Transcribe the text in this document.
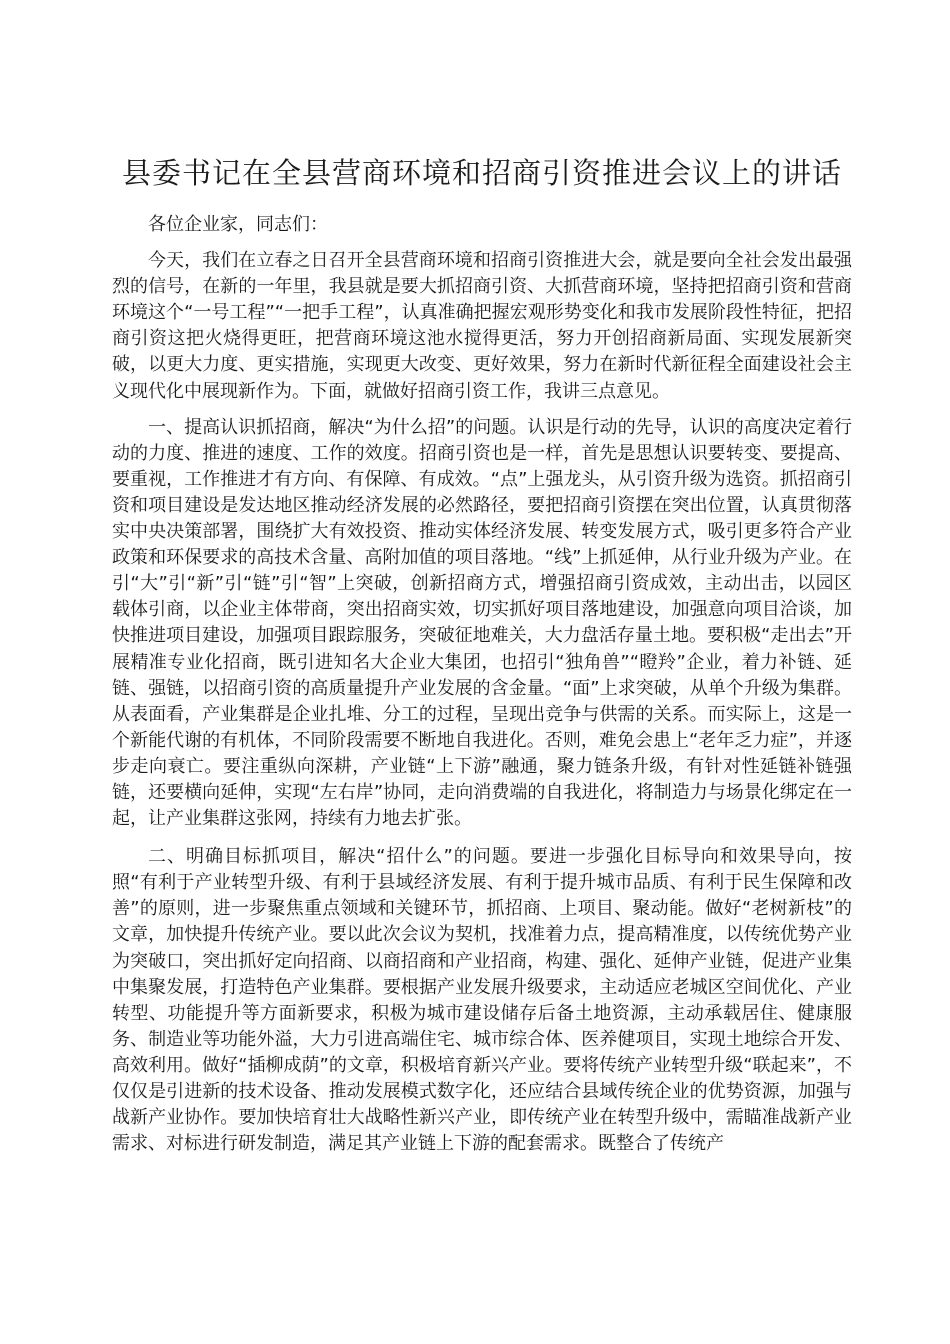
县委书记在全县营商环境和招商引资推进会议上的讲话

各位企业家，同志们：

今天，我们在立春之日召开全县营商环境和招商引资推进大会，就是要向全社会发出最强烈的信号，在新的一年里，我县就是要大抓招商引资、大抓营商环境，坚持把招商引资和营商环境这个“一号工程”“一把手工程”，认真准确把握宏观形势变化和我市发展阶段性特征，把招商引资这把火烧得更旺，把营商环境这池水搅得更活，努力开创招商新局面、实现发展新突破，以更大力度、更实措施，实现更大改变、更好效果，努力在新时代新征程全面建设社会主义现代化中展现新作为。下面，就做好招商引资工作，我讲三点意见。

一、提高认识抓招商，解决“为什么招”的问题。认识是行动的先导，认识的高度决定着行动的力度、推进的速度、工作的效度。招商引资也是一样，首先是思想认识要转变、要提高、要重视，工作推进才有方向、有保障、有成效。“点”上强龙头，从引资升级为选资。抓招商引资和项目建设是发达地区推动经济发展的必然路径，要把招商引资摆在突出位置，认真贯彻落实中央决策部署，围绕扩大有效投资、推动实体经济发展、转变发展方式，吸引更多符合产业政策和环保要求的高技术含量、高附加值的项目落地。“线”上抓延伸，从行业升级为产业。在引“大”引“新”引“链”引“智”上突破，创新招商方式，增强招商引资成效，主动出击，以园区载体引商，以企业主体带商，突出招商实效，切实抓好项目落地建设，加强意向项目洽谈，加快推进项目建设，加强项目跟踪服务，突破征地难关，大力盘活存量土地。要积极“走出去”开展精准专业化招商，既引进知名大企业大集团，也招引“独角兽”“瞪羚”企业，着力补链、延链、强链，以招商引资的高质量提升产业发展的含金量。“面”上求突破，从单个升级为集群。从表面看，产业集群是企业扎堆、分工的过程，呈现出竞争与供需的关系。而实际上，这是一个新能代谢的有机体，不同阶段需要不断地自我进化。否则，难免会患上“老年乏力症”，并逐步走向衰亡。要注重纵向深耕，产业链“上下游”融通，聚力链条升级，有针对性延链补链强链，还要横向延伸，实现“左右岸”协同，走向消费端的自我进化，将制造力与场景化绑定在一起，让产业集群这张网，持续有力地去扩张。

二、明确目标抓项目，解决“招什么”的问题。要进一步强化目标导向和效果导向，按照“有利于产业转型升级、有利于县域经济发展、有利于提升城市品质、有利于民生保障和改善”的原则，进一步聚焦重点领域和关键环节，抓招商、上项目、聚动能。做好“老树新枝”的文章，加快提升传统产业。要以此次会议为契机，找准着力点，提高精准度，以传统优势产业为突破口，突出抓好定向招商、以商招商和产业招商，构建、强化、延伸产业链，促进产业集中集聚发展，打造特色产业集群。要根据产业发展升级要求，主动适应老城区空间优化、产业转型、功能提升等方面新要求，积极为城市建设储存后备土地资源，主动承载居住、健康服务、制造业等功能外溢，大力引进高端住宅、城市综合体、医养健项目，实现土地综合开发、高效利用。做好“插柳成荫”的文章，积极培育新兴产业。要将传统产业转型升级“联起来”，不仅仅是引进新的技术设备、推动发展模式数字化，还应结合县域传统企业的优势资源，加强与战新产业协作。要加快培育壮大战略性新兴产业，即传统产业在转型升级中，需瞄准战新产业需求、对标进行研发制造，满足其产业链上下游的配套需求。既整合了传统产
